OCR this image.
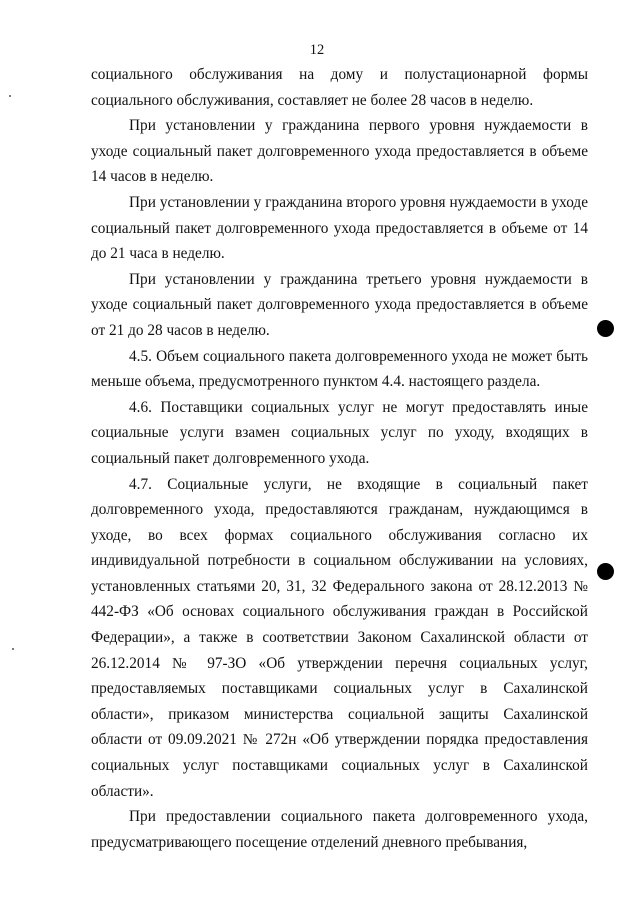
12

социального обслуживания на дому и полустационарной формы социального обслуживания, составляет не более 28 часов в неделю.

При установлении у гражданина первого уровня нуждаемости в уходе социальный пакет долговременного ухода предоставляется в объеме 14 часов в неделю.

При установлении у гражданина второго уровня нуждаемости в уходе социальный пакет долговременного ухода предоставляется в объеме от 14 до 21 часа в неделю.

При установлении у гражданина третьего уровня нуждаемости в уходе социальный пакет долговременного ухода предоставляется в объеме от 21 до 28 часов в неделю.

4.5. Объем социального пакета долговременного ухода не может быть меньше объема, предусмотренного пунктом 4.4. настоящего раздела.

4.6. Поставщики социальных услуг не могут предоставлять иные социальные услуги взамен социальных услуг по уходу, входящих в социальный пакет долговременного ухода.

4.7. Социальные услуги, не входящие в социальный пакет долговременного ухода, предоставляются гражданам, нуждающимся в уходе, во всех формах социального обслуживания согласно их индивидуальной потребности в социальном обслуживании на условиях, установленных статьями 20, 31, 32 Федерального закона от 28.12.2013 № 442-ФЗ «Об основах социального обслуживания граждан в Российской Федерации», а также в соответствии Законом Сахалинской области от 26.12.2014 № 97-ЗО «Об утверждении перечня социальных услуг, предоставляемых поставщиками социальных услуг в Сахалинской области», приказом министерства социальной защиты Сахалинской области от 09.09.2021 № 272н «Об утверждении порядка предоставления социальных услуг поставщиками социальных услуг в Сахалинской области».

При предоставлении социального пакета долговременного ухода, предусматривающего посещение отделений дневного пребывания,
